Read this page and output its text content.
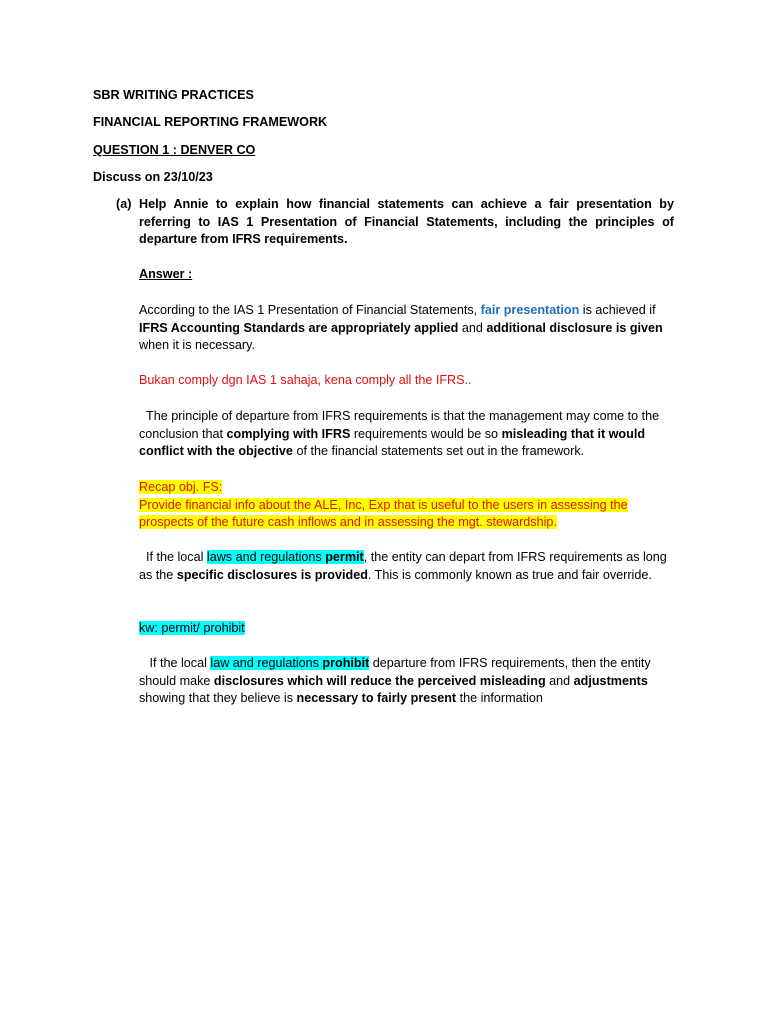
SBR WRITING PRACTICES

FINANCIAL REPORTING FRAMEWORK

QUESTION 1 : DENVER CO

Discuss on 23/10/23

(a) Help Annie to explain how financial statements can achieve a fair presentation by referring to IAS 1 Presentation of Financial Statements, including the principles of departure from IFRS requirements.

Answer :

According to the IAS 1 Presentation of Financial Statements, fair presentation is achieved if IFRS Accounting Standards are appropriately applied and additional disclosure is given when it is necessary.

Bukan comply dgn IAS 1 sahaja, kena comply all the IFRS..

The principle of departure from IFRS requirements is that the management may come to the conclusion that complying with IFRS requirements would be so misleading that it would conflict with the objective of the financial statements set out in the framework.

Recap obj. FS:
Provide financial info about the ALE, Inc, Exp that is useful to the users in assessing the prospects of the future cash inflows and in assessing the mgt. stewardship.

If the local laws and regulations permit, the entity can depart from IFRS requirements as long as the specific disclosures is provided. This is commonly known as true and fair override.

kw: permit/ prohibit

If the local law and regulations prohibit departure from IFRS requirements, then the entity should make disclosures which will reduce the perceived misleading and adjustments showing that they believe is necessary to fairly present the information
